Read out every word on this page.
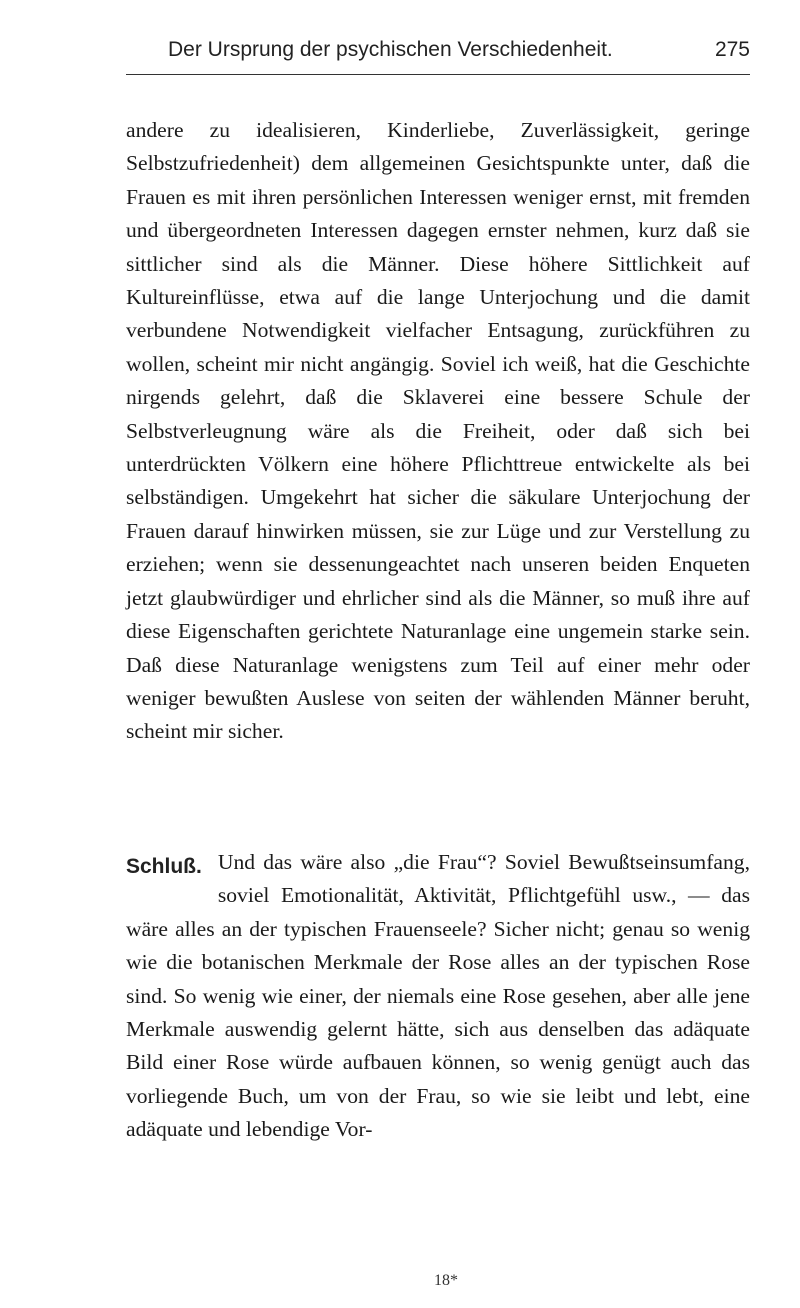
Der Ursprung der psychischen Verschiedenheit.	275

andere zu idealisieren, Kinderliebe, Zuverlässigkeit, geringe Selbstzufriedenheit) dem allgemeinen Gesichtspunkte unter, daß die Frauen es mit ihren persönlichen Interessen weniger ernst, mit fremden und übergeordneten Interessen dagegen ernster nehmen, kurz daß sie sittlicher sind als die Männer. Diese höhere Sittlichkeit auf Kultureinflüsse, etwa auf die lange Unterjochung und die damit verbundene Notwendigkeit vielfacher Entsagung, zurückführen zu wollen, scheint mir nicht angängig. Soviel ich weiß, hat die Geschichte nirgends gelehrt, daß die Sklaverei eine bessere Schule der Selbstverleugnung wäre als die Freiheit, oder daß sich bei unterdrückten Völkern eine höhere Pflichttreue entwickelte als bei selbständigen. Umgekehrt hat sicher die säkulare Unterjochung der Frauen darauf hinwirken müssen, sie zur Lüge und zur Verstellung zu erziehen; wenn sie dessenungeachtet nach unseren beiden Enqueten jetzt glaubwürdiger und ehrlicher sind als die Männer, so muß ihre auf diese Eigenschaften gerichtete Naturanlage eine ungemein starke sein. Daß diese Naturanlage wenigstens zum Teil auf einer mehr oder weniger bewußten Auslese von seiten der wählenden Männer beruht, scheint mir sicher.

Schluß. Und das wäre also „die Frau“? Soviel Bewußtseinsumfang, soviel Emotionalität, Aktivität, Pflichtgefühl usw., — das wäre alles an der typischen Frauenseele? Sicher nicht; genau so wenig wie die botanischen Merkmale der Rose alles an der typischen Rose sind. So wenig wie einer, der niemals eine Rose gesehen, aber alle jene Merkmale auswendig gelernt hätte, sich aus denselben das adäquate Bild einer Rose würde aufbauen können, so wenig genügt auch das vorliegende Buch, um von der Frau, so wie sie leibt und lebt, eine adäquate und lebendige Vor-
18*
